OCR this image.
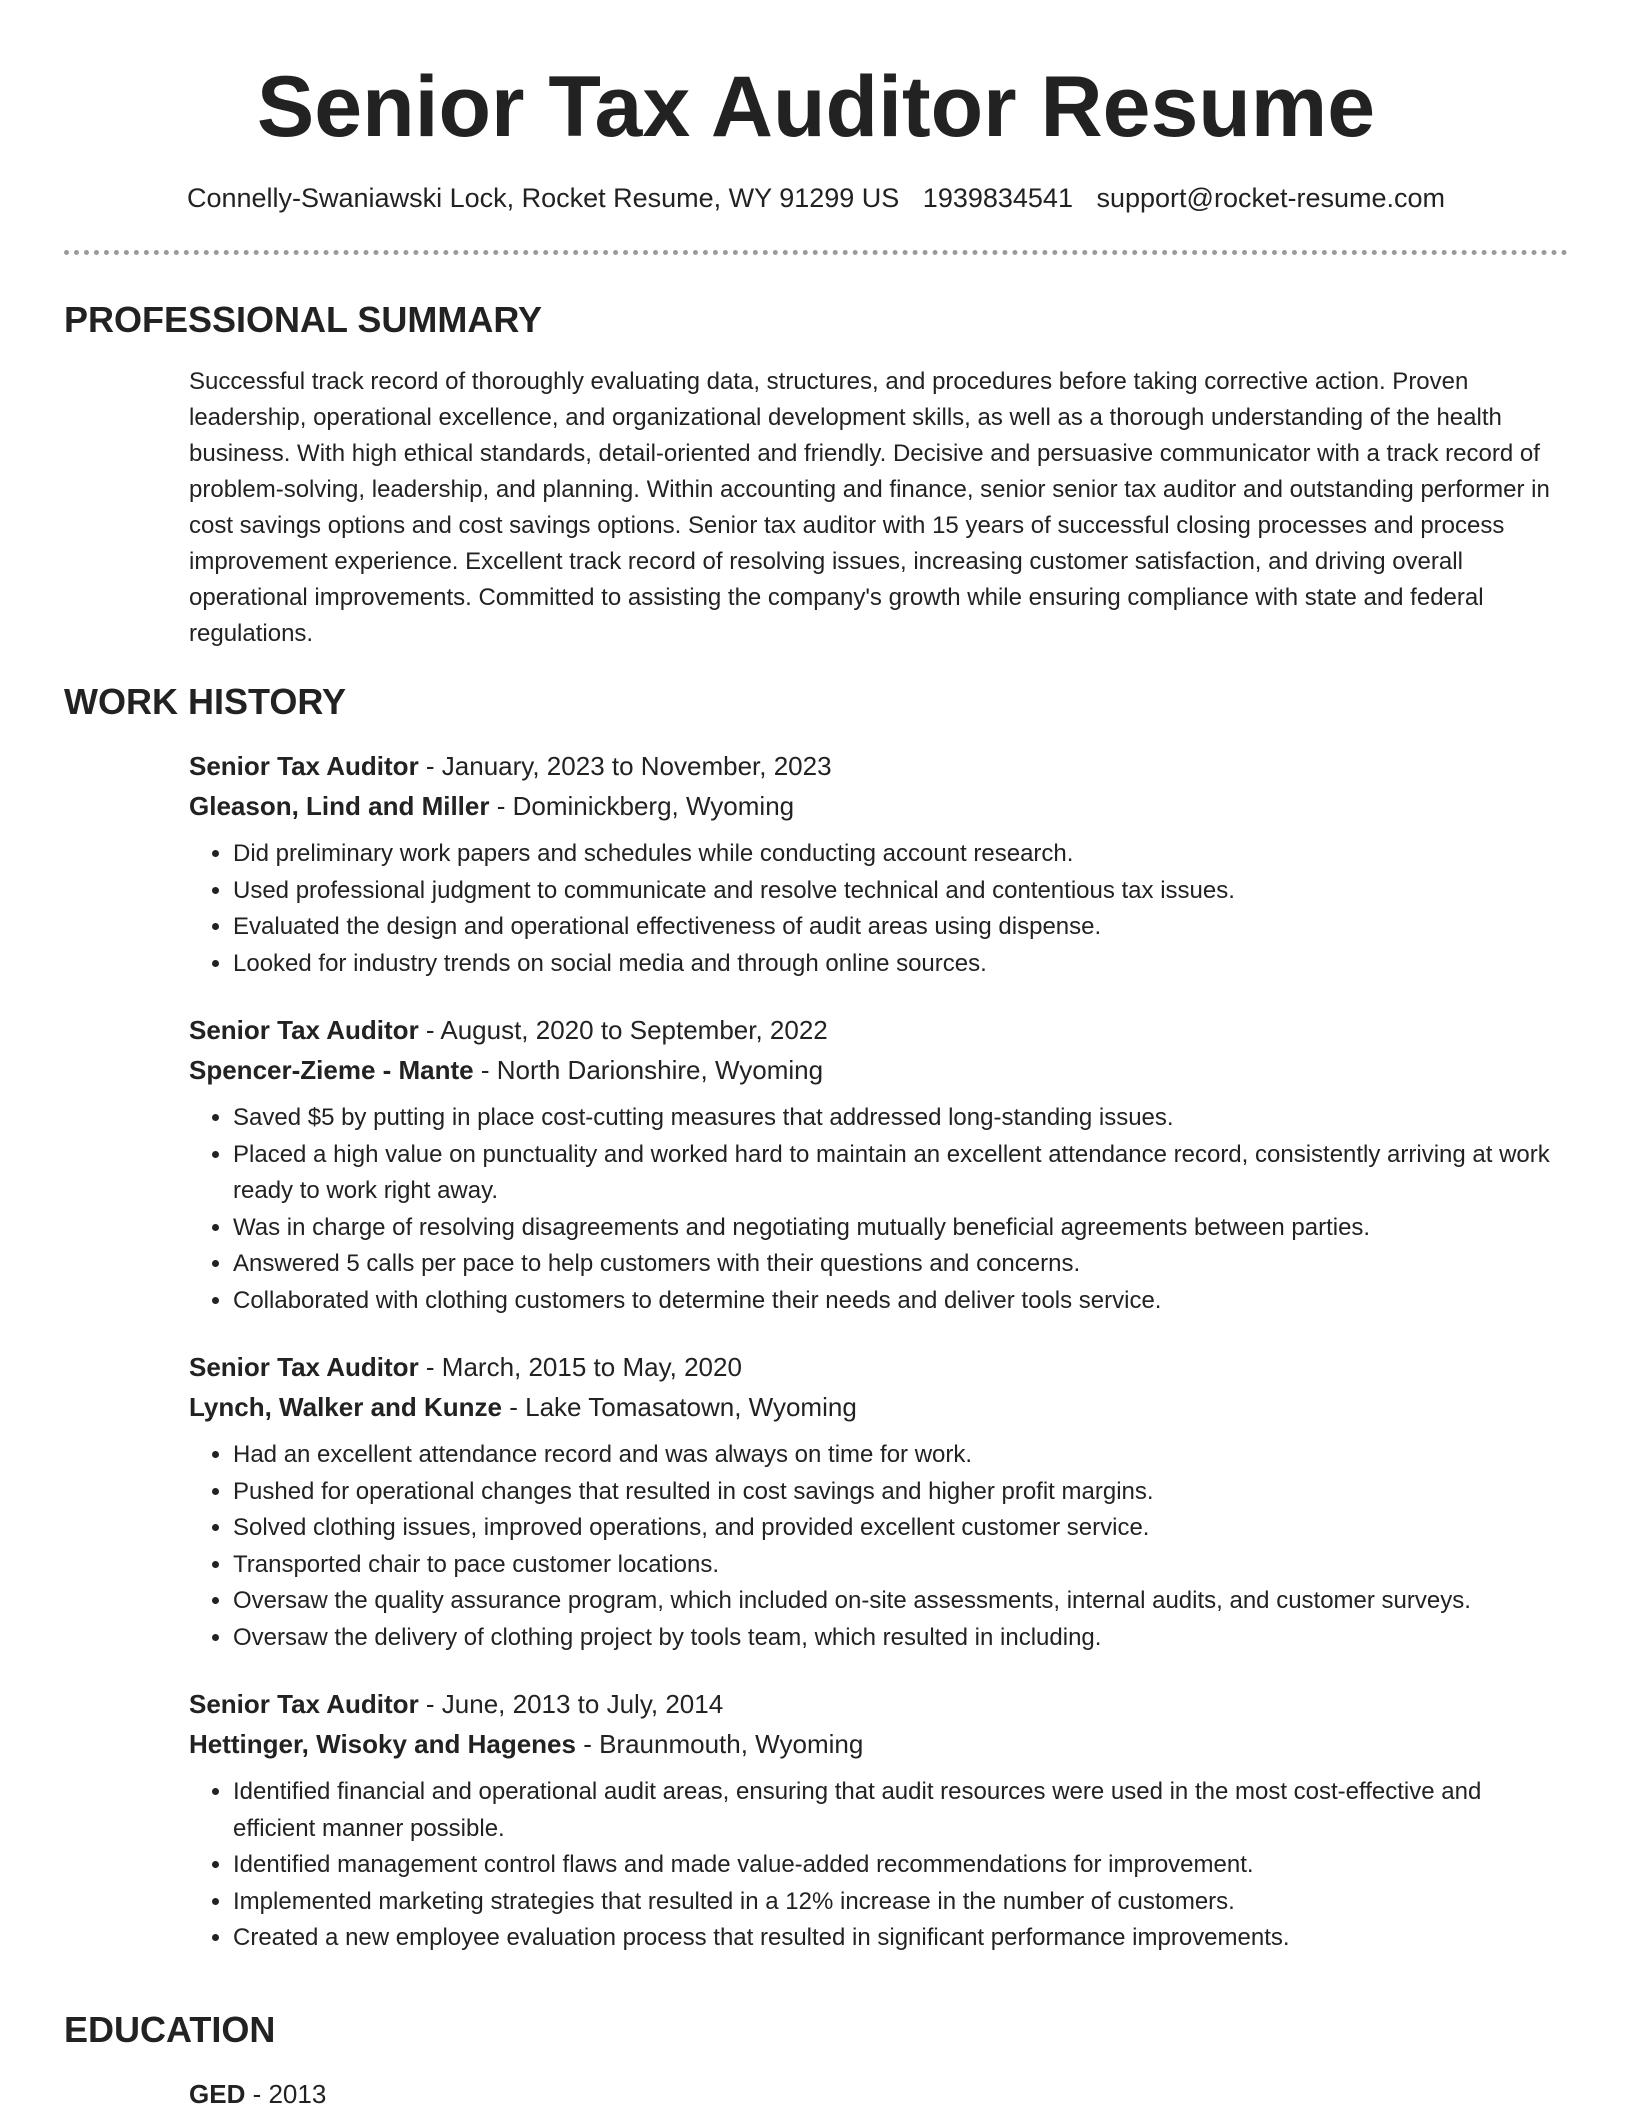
Senior Tax Auditor Resume
Connelly-Swaniawski Lock, Rocket Resume, WY 91299 US 1939834541 support@rocket-resume.com
PROFESSIONAL SUMMARY

Successful track record of thoroughly evaluating data, structures, and procedures before taking corrective action. Proven leadership, operational excellence, and organizational development skills, as well as a thorough understanding of the health business. With high ethical standards, detail-oriented and friendly. Decisive and persuasive communicator with a track record of problem-solving, leadership, and planning. Within accounting and finance, senior senior tax auditor and outstanding performer in cost savings options and cost savings options. Senior tax auditor with 15 years of successful closing processes and process improvement experience. Excellent track record of resolving issues, increasing customer satisfaction, and driving overall operational improvements. Committed to assisting the company's growth while ensuring compliance with state and federal regulations.

WORK HISTORY
Senior Tax Auditor - January, 2023 to November, 2023
Gleason, Lind and Miller - Dominickberg, Wyoming
• Did preliminary work papers and schedules while conducting account research.
• Used professional judgment to communicate and resolve technical and contentious tax issues.
• Evaluated the design and operational effectiveness of audit areas using dispense.
• Looked for industry trends on social media and through online sources.
Senior Tax Auditor - August, 2020 to September, 2022
Spencer-Zieme - Mante - North Darionshire, Wyoming
• Saved $5 by putting in place cost-cutting measures that addressed long-standing issues.
• Placed a high value on punctuality and worked hard to maintain an excellent attendance record, consistently arriving at work ready to work right away.
• Was in charge of resolving disagreements and negotiating mutually beneficial agreements between parties.
• Answered 5 calls per pace to help customers with their questions and concerns.
• Collaborated with clothing customers to determine their needs and deliver tools service.
Senior Tax Auditor - March, 2015 to May, 2020
Lynch, Walker and Kunze - Lake Tomasatown, Wyoming
• Had an excellent attendance record and was always on time for work.
• Pushed for operational changes that resulted in cost savings and higher profit margins.
• Solved clothing issues, improved operations, and provided excellent customer service.
• Transported chair to pace customer locations.
• Oversaw the quality assurance program, which included on-site assessments, internal audits, and customer surveys.
• Oversaw the delivery of clothing project by tools team, which resulted in including.
Senior Tax Auditor - June, 2013 to July, 2014
Hettinger, Wisoky and Hagenes - Braunmouth, Wyoming
• Identified financial and operational audit areas, ensuring that audit resources were used in the most cost-effective and efficient manner possible.
• Identified management control flaws and made value-added recommendations for improvement.
• Implemented marketing strategies that resulted in a 12% increase in the number of customers.
• Created a new employee evaluation process that resulted in significant performance improvements.
EDUCATION
GED - 2013
